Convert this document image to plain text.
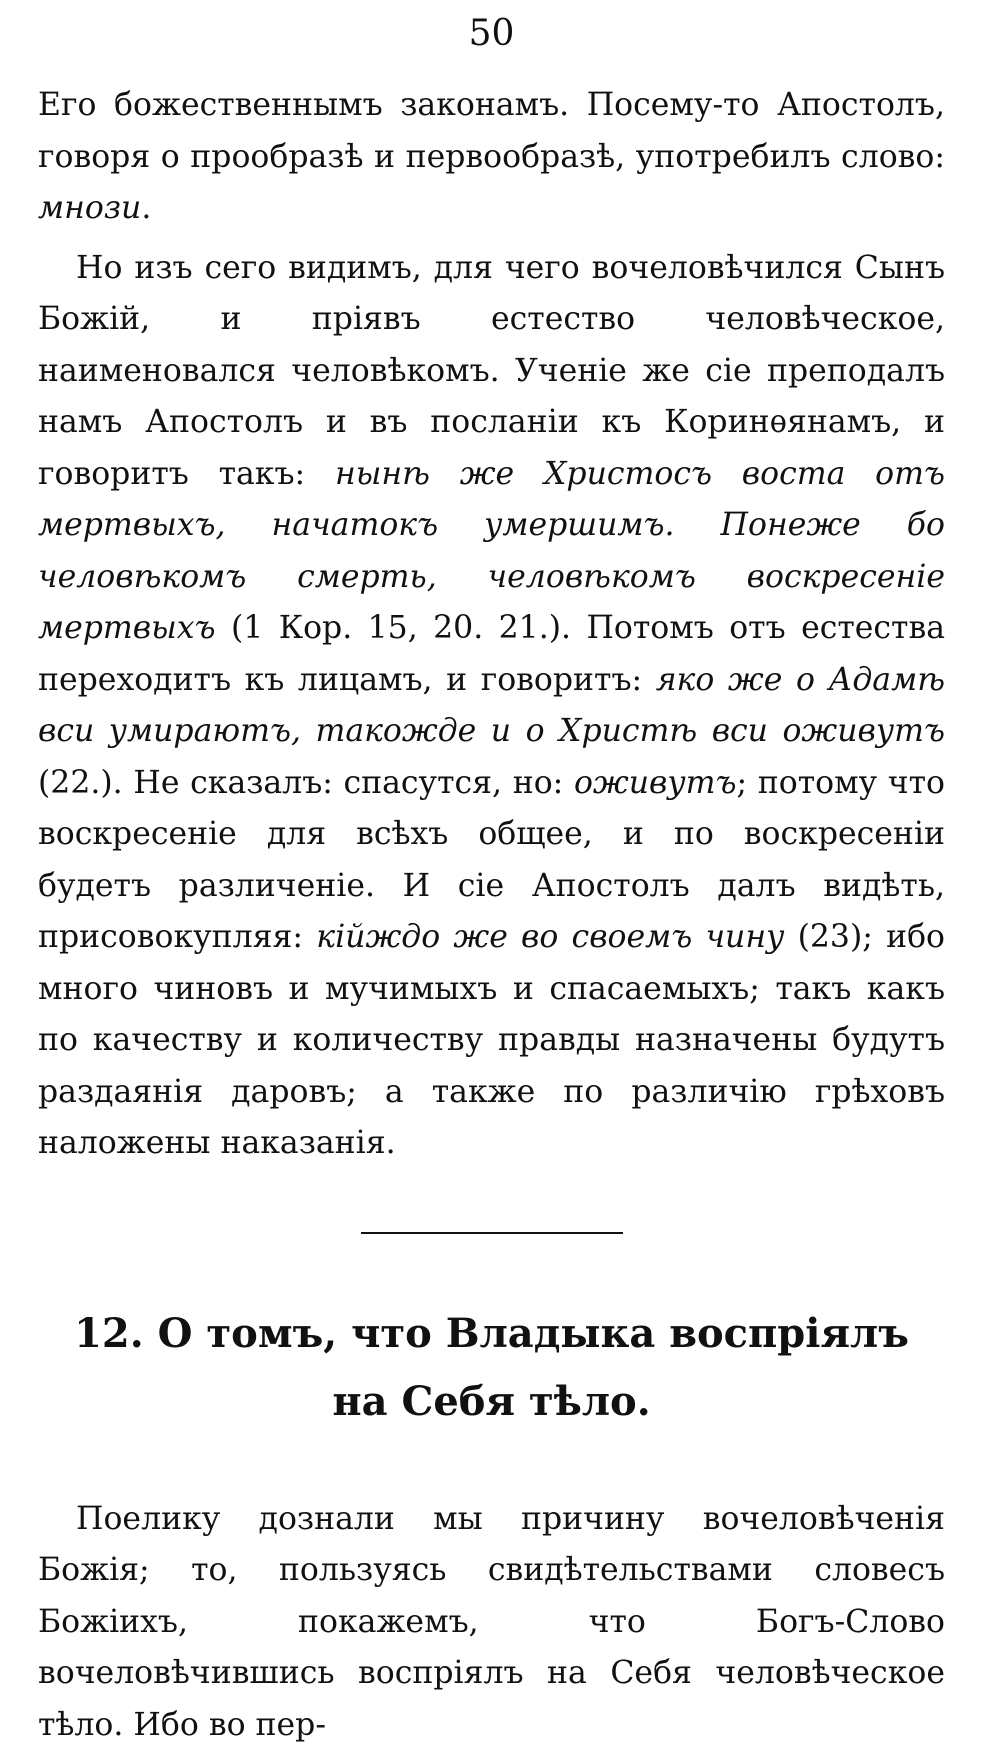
50

Его божественнымъ законамъ. Посему-то Апостолъ, говоря о прообразѣ и первообразѣ, употребилъ слово: мнози.

Но изъ сего видимъ, для чего вочеловѣчился Сынъ Божій, и пріявъ естество человѣческое, наименовался человѣкомъ. Ученіе же сіе преподалъ намъ Апостолъ и въ посланіи къ Коринѳянамъ, и говоритъ такъ: нынѣ же Христосъ воста отъ мертвыхъ, начатокъ умершимъ. Понеже бо человѣкомъ смерть, человѣкомъ воскресеніе мертвыхъ (1 Кор. 15, 20. 21.). Потомъ отъ естества переходитъ къ лицамъ, и говоритъ: яко же о Адамѣ вси умираютъ, такожде и о Христѣ вси оживутъ (22.). Не сказалъ: спасутся, но: оживутъ; потому что воскресеніе для всѣхъ общее, и по воскресеніи будетъ различеніе. И сіе Апостолъ далъ видѣть, присовокупляя: кійждо же во своемъ чину (23); ибо много чиновъ и мучимыхъ и спасаемыхъ; такъ какъ по качеству и количеству правды назначены будутъ раздаянія даровъ; а также по различію грѣховъ наложены наказанія.

12. О томъ, что Владыка воспріялъ
на Себя тѣло.

Поелику дознали мы причину вочеловѣченія Божія; то, пользуясь свидѣтельствами словесъ Божіихъ, покажемъ, что Богъ-Слово вочеловѣчившись воспріялъ на Себя человѣческое тѣло. Ибо во пер-
